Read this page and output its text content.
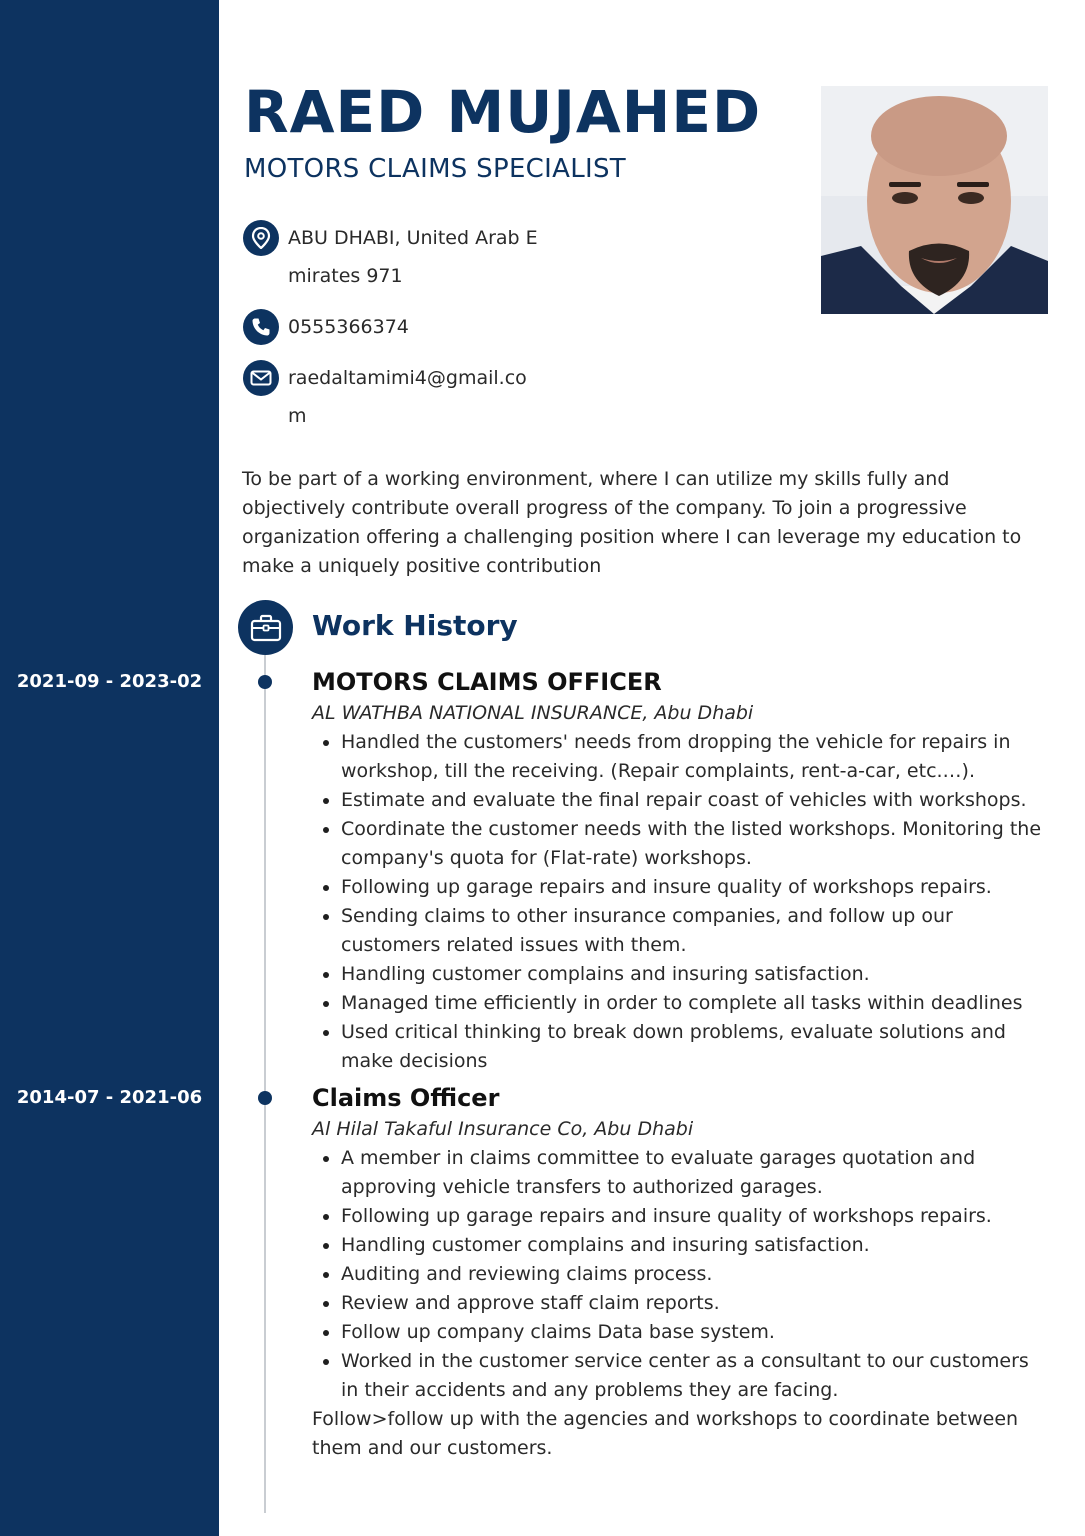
RAED MUJAHED
MOTORS CLAIMS SPECIALIST
ABU DHABI, United Arab Emirates 971
0555366374
raedaltamimi4@gmail.com
To be part of a working environment, where I can utilize my skills fully and objectively contribute overall progress of the company. To join a progressive organization offering a challenging position where I can leverage my education to make a uniquely positive contribution
Work History
2021-09 - 2023-02
2014-07 - 2021-06
MOTORS CLAIMS OFFICER
AL WATHBA NATIONAL INSURANCE, Abu Dhabi
Handled the customers' needs from dropping the vehicle for repairs in workshop, till the receiving. (Repair complaints, rent-a-car, etc.…).
Estimate and evaluate the final repair coast of vehicles with workshops.
Coordinate the customer needs with the listed workshops. Monitoring the company's quota for (Flat-rate) workshops.
Following up garage repairs and insure quality of workshops repairs.
Sending claims to other insurance companies, and follow up our customers related issues with them.
Handling customer complains and insuring satisfaction.
Managed time efficiently in order to complete all tasks within deadlines
Used critical thinking to break down problems, evaluate solutions and make decisions
Claims Officer
Al Hilal Takaful Insurance Co, Abu Dhabi
A member in claims committee to evaluate garages quotation and approving vehicle transfers to authorized garages.
Following up garage repairs and insure quality of workshops repairs.
Handling customer complains and insuring satisfaction.
Auditing and reviewing claims process.
Review and approve staff claim reports.
Follow up company claims Data base system.
Worked in the customer service center as a consultant to our customers in their accidents and any problems they are facing.
Follow>follow up with the agencies and workshops to coordinate between them and our customers.
